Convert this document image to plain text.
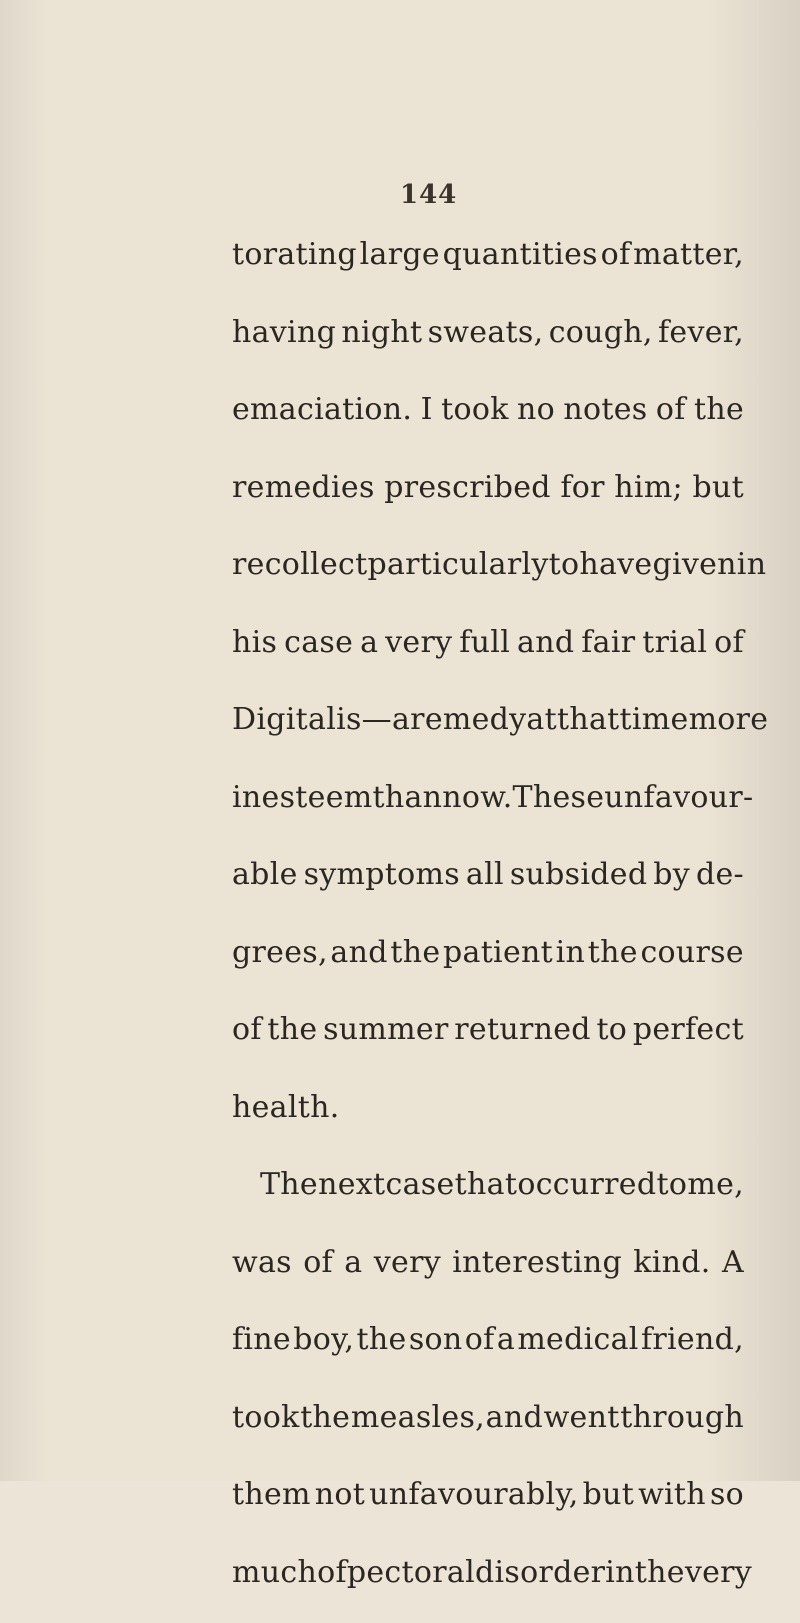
144
torating large quantities of matter,
having night sweats, cough, fever,
emaciation. I took no notes of the
remedies prescribed for him; but
recollect particularly to have given in
his case a very full and fair trial of
Digitalis—a remedy at that time more
in esteem than now. These unfavour-
able symptoms all subsided by de-
grees, and the patient in the course
of the summer returned to perfect
health.
The next case that occurred to me,
was of a very interesting kind. A
fine boy, the son of a medical friend,
took the measles, and went through
them not unfavourably, but with so
much of pectoral disorder in the very
